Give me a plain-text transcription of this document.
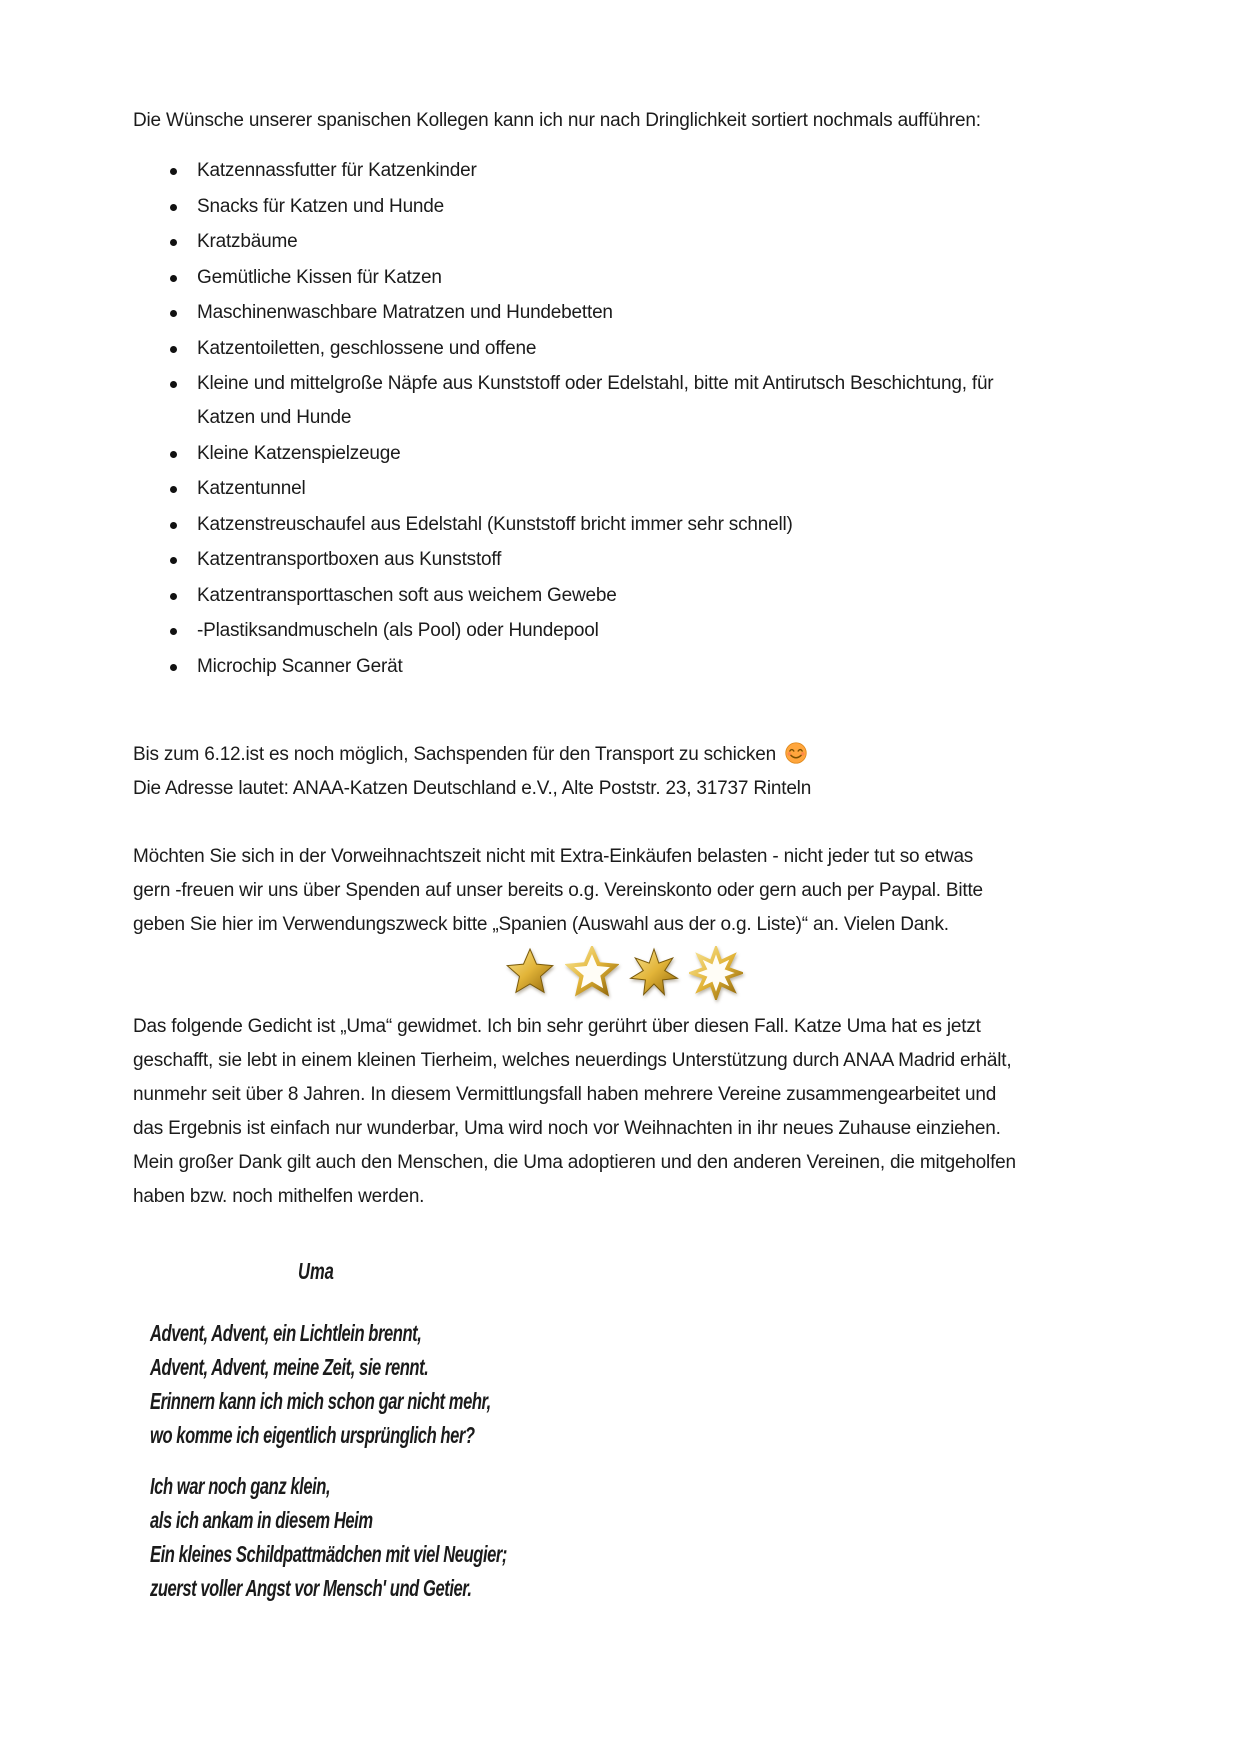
Die Wünsche unserer spanischen Kollegen kann ich nur nach Dringlichkeit sortiert nochmals aufführen:
Katzennassfutter für Katzenkinder
Snacks für Katzen und Hunde
Kratzbäume
Gemütliche Kissen für Katzen
Maschinenwaschbare Matratzen und Hundebetten
Katzentoiletten, geschlossene und offene
Kleine und mittelgroße Näpfe aus Kunststoff oder Edelstahl, bitte mit Antirutsch Beschichtung, für
Katzen und Hunde
Kleine Katzenspielzeuge
Katzentunnel
Katzenstreuschaufel aus Edelstahl (Kunststoff bricht immer sehr schnell)
Katzentransportboxen aus Kunststoff
Katzentransporttaschen soft aus weichem Gewebe
-Plastiksandmuscheln (als Pool) oder Hundepool
Microchip Scanner Gerät
Bis zum 6.12.ist es noch möglich, Sachspenden für den Transport zu schicken
Die Adresse lautet: ANAA-Katzen Deutschland e.V., Alte Poststr. 23, 31737 Rinteln
Möchten Sie sich in der Vorweihnachtszeit nicht mit Extra-Einkäufen belasten - nicht jeder tut so etwas
gern -freuen wir uns über Spenden auf unser bereits o.g. Vereinskonto oder gern auch per Paypal. Bitte
geben Sie hier im Verwendungszweck bitte „Spanien (Auswahl aus der o.g. Liste)“ an. Vielen Dank.
Das folgende Gedicht ist „Uma“ gewidmet. Ich bin sehr gerührt über diesen Fall. Katze Uma hat es jetzt
geschafft, sie lebt in einem kleinen Tierheim, welches neuerdings Unterstützung durch ANAA Madrid erhält,
nunmehr seit über 8 Jahren. In diesem Vermittlungsfall haben mehrere Vereine zusammengearbeitet und
das Ergebnis ist einfach nur wunderbar, Uma wird noch vor Weihnachten in ihr neues Zuhause einziehen.
Mein großer Dank gilt auch den Menschen, die Uma adoptieren und den anderen Vereinen, die mitgeholfen
haben bzw. noch mithelfen werden.
Uma
Advent, Advent, ein Lichtlein brennt,
Advent, Advent, meine Zeit, sie rennt.
Erinnern kann ich mich schon gar nicht mehr,
wo komme ich eigentlich ursprünglich her?
Ich war noch ganz klein,
als ich ankam in diesem Heim
Ein kleines Schildpattmädchen mit viel Neugier;
zuerst voller Angst vor Mensch' und Getier.
